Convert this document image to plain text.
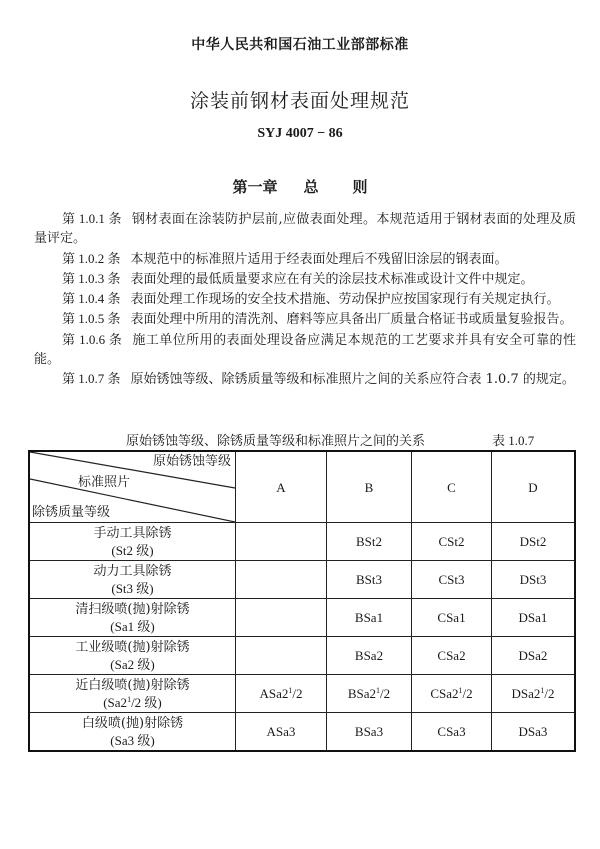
中华人民共和国石油工业部部标准
涂装前钢材表面处理规范
SYJ 4007 − 86
第一章 总 则

第 1.0.1 条 钢材表面在涂装防护层前,应做表面处理。本规范适用于钢材表面的处理及质量评定。

第 1.0.2 条 本规范中的标准照片适用于经表面处理后不残留旧涂层的钢表面。

第 1.0.3 条 表面处理的最低质量要求应在有关的涂层技术标准或设计文件中规定。

第 1.0.4 条 表面处理工作现场的安全技术措施、劳动保护应按国家现行有关规定执行。

第 1.0.5 条 表面处理中所用的清洗剂、磨料等应具备出厂质量合格证书或质量复验报告。

第 1.0.6 条 施工单位所用的表面处理设备应满足本规范的工艺要求并具有安全可靠的性能。

第 1.0.7 条 原始锈蚀等级、除锈质量等级和标准照片之间的关系应符合表 1.0.7 的规定。

原始锈蚀等级、除锈质量等级和标准照片之间的关系	表 1.0.7
原始锈蚀等级
标准照片
除锈质量等级	A	B	C	D

手动工具除锈
(St2 级)		BSt2	CSt2	DSt2

动力工具除锈
(St3 级)		BSt3	CSt3	DSt3

清扫级喷(抛)射除锈
(Sa1 级)		BSa1	CSa1	DSa1

工业级喷(抛)射除锈
(Sa2 级)		BSa2	CSa2	DSa2

近白级喷(抛)射除锈
($Sa2^1/2$ 级)	$ASa2^1/2$	$BSa2^1/2$	$CSa2^1/2$	$DSa2^1/2$

白级喷(抛)射除锈
(Sa3 级)	ASa3	BSa3	CSa3	DSa3
